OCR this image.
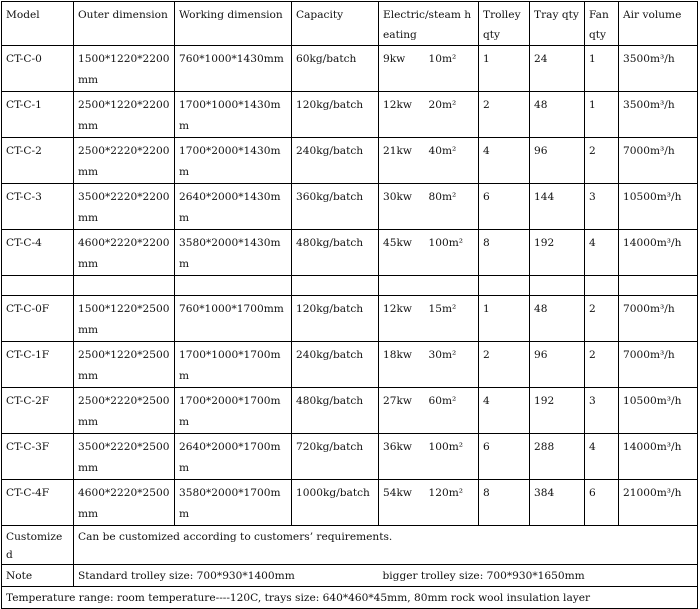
Model	Outer dimension	Working dimension	Capacity	Electric/steam heating		Trolley qty	Tray qty	Fan qty	Air volume
CT-C-0	1500*1220*2200 mm	760*1000*1430mm	60kg/batch	9kw	10m²	1	24	1	3500m³/h
CT-C-1	2500*1220*2200 mm	1700*1000*1430mm	120kg/batch	12kw	20m²	2	48	1	3500m³/h
CT-C-2	2500*2220*2200 mm	1700*2000*1430mm	240kg/batch	21kw	40m²	4	96	2	7000m³/h
CT-C-3	3500*2220*2200 mm	2640*2000*1430mm	360kg/batch	30kw	80m²	6	144	3	10500m³/h
CT-C-4	4600*2220*2200 mm	3580*2000*1430mm	480kg/batch	45kw	100m²	8	192	4	14000m³/h

CT-C-0F	1500*1220*2500 mm	760*1000*1700mm	120kg/batch	12kw	15m²	1	48	2	7000m³/h
CT-C-1F	2500*1220*2500 mm	1700*1000*1700mm	240kg/batch	18kw	30m²	2	96	2	7000m³/h
CT-C-2F	2500*2220*2500 mm	1700*2000*1700mm	480kg/batch	27kw	60m²	4	192	3	10500m³/h
CT-C-3F	3500*2220*2500 mm	2640*2000*1700mm	720kg/batch	36kw	100m²	6	288	4	14000m³/h
CT-C-4F	4600*2220*2500 mm	3580*2000*1700mm	1000kg/batch	54kw	120m²	8	384	6	21000m³/h
Customized	Can be customized according to customers’ requirements.								
Note	Standard trolley size: 700*930*1400mm			bigger trolley size: 700*930*1650mm					
Temperature range: room temperature----120C, trays size: 640*460*45mm, 80mm rock wool insulation layer									
